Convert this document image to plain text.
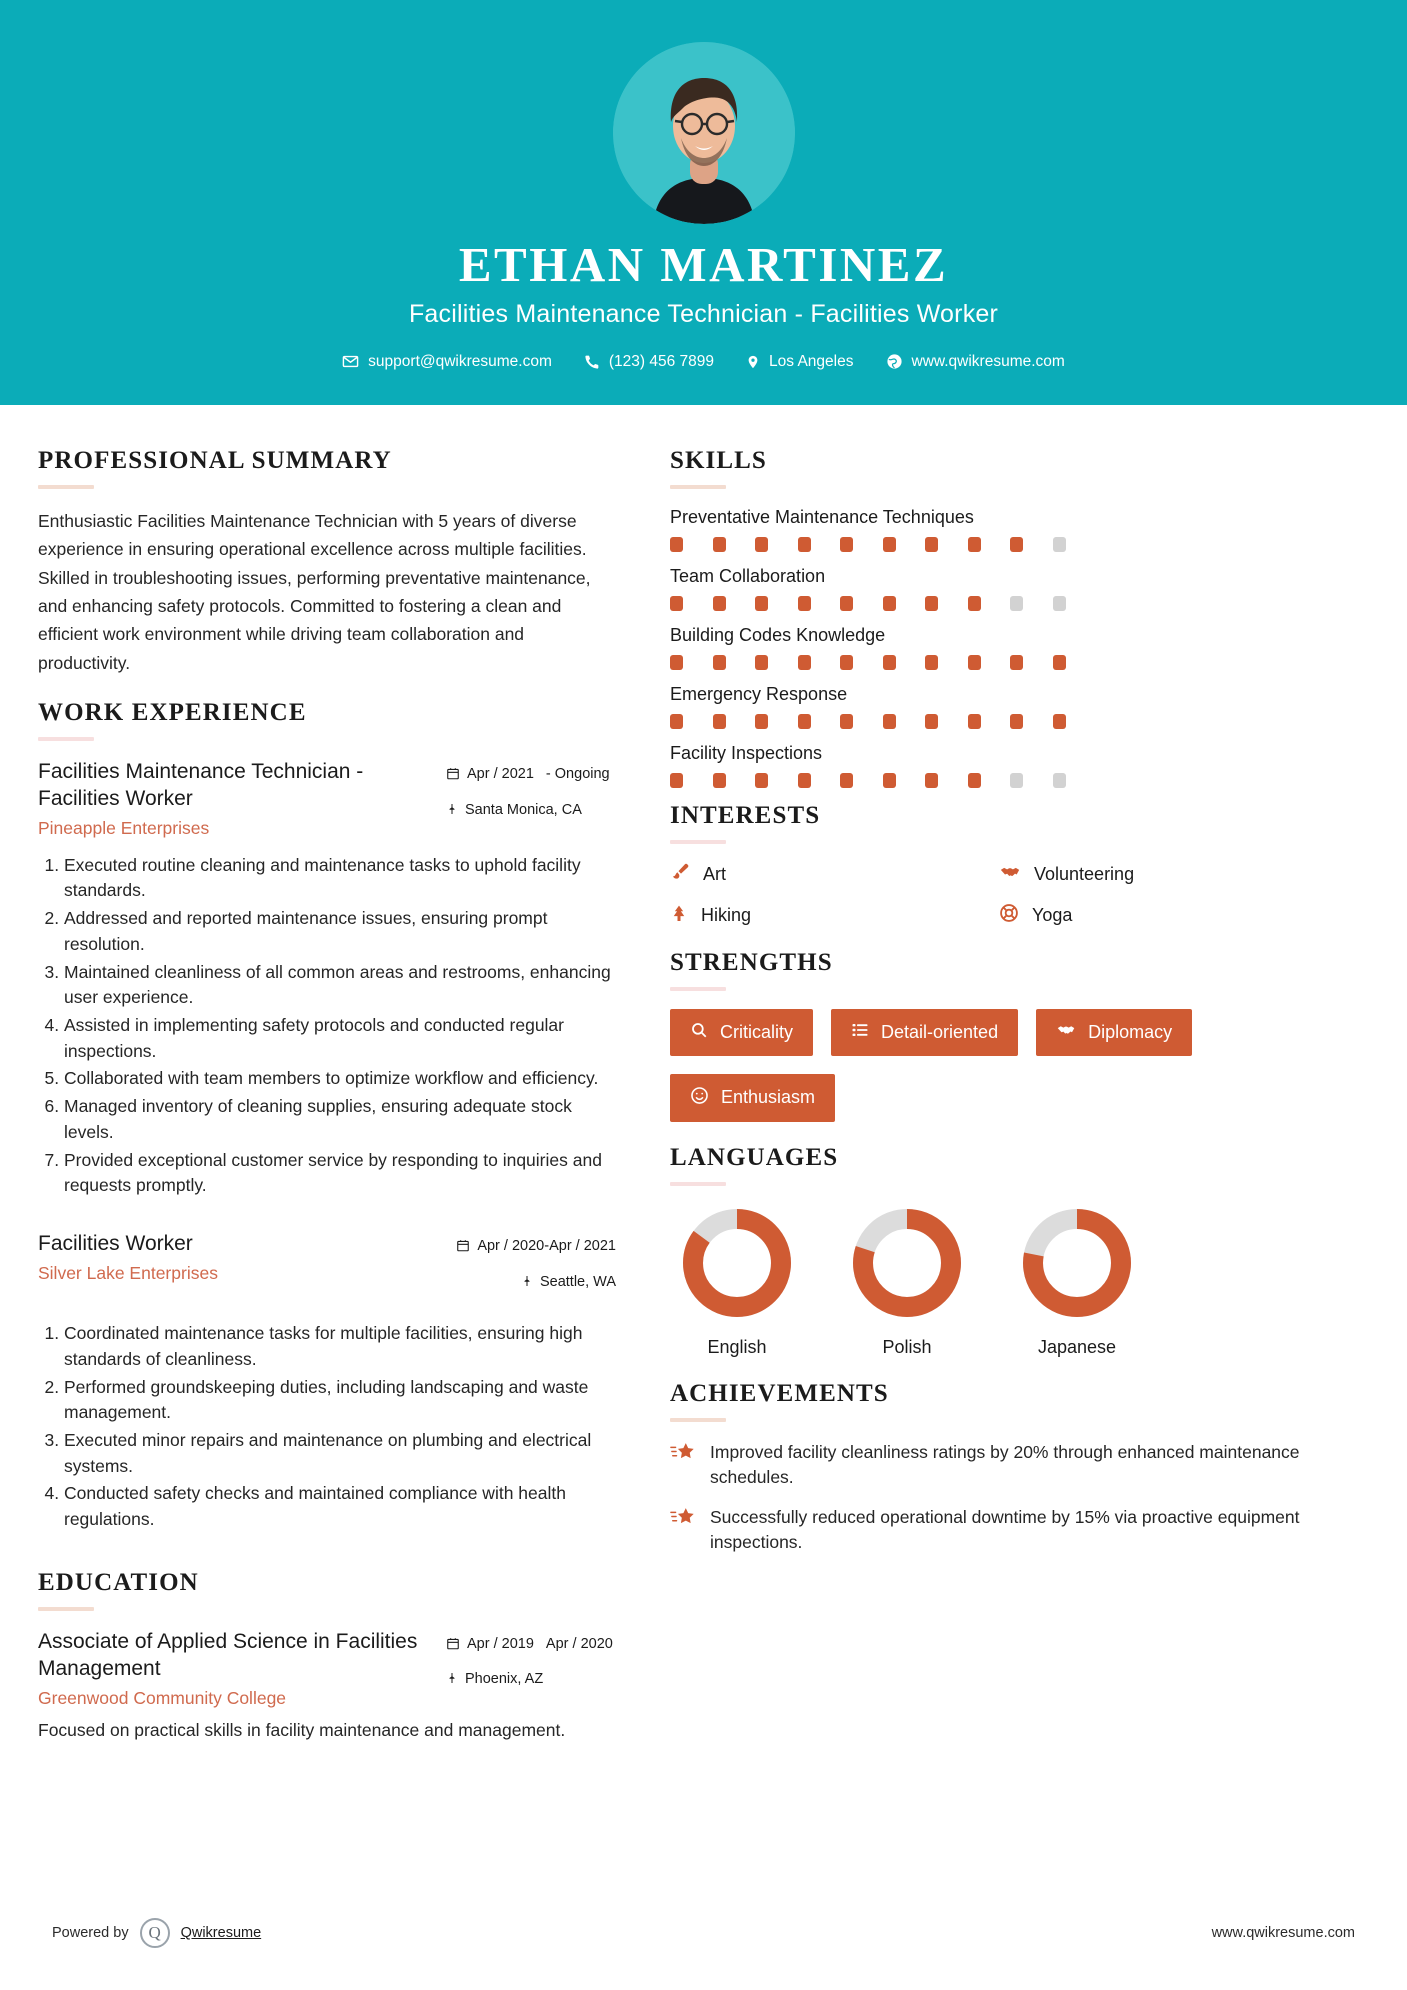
ETHAN MARTINEZ
Facilities Maintenance Technician - Facilities Worker
support@qwikresume.com	(123) 456 7899	Los Angeles	www.qwikresume.com
PROFESSIONAL SUMMARY
Enthusiastic Facilities Maintenance Technician with 5 years of diverse experience in ensuring operational excellence across multiple facilities. Skilled in troubleshooting issues, performing preventative maintenance, and enhancing safety protocols. Committed to fostering a clean and efficient work environment while driving team collaboration and productivity.
WORK EXPERIENCE
Facilities Maintenance Technician - Facilities Worker
Pineapple Enterprises
Apr / 2021	- Ongoing
Santa Monica, CA
1. Executed routine cleaning and maintenance tasks to uphold facility standards.
2. Addressed and reported maintenance issues, ensuring prompt resolution.
3. Maintained cleanliness of all common areas and restrooms, enhancing user experience.
4. Assisted in implementing safety protocols and conducted regular inspections.
5. Collaborated with team members to optimize workflow and efficiency.
6. Managed inventory of cleaning supplies, ensuring adequate stock levels.
7. Provided exceptional customer service by responding to inquiries and requests promptly.
Facilities Worker
Silver Lake Enterprises
Apr / 2020-Apr / 2021
Seattle, WA
1. Coordinated maintenance tasks for multiple facilities, ensuring high standards of cleanliness.
2. Performed groundskeeping duties, including landscaping and waste management.
3. Executed minor repairs and maintenance on plumbing and electrical systems.
4. Conducted safety checks and maintained compliance with health regulations.
EDUCATION
Associate of Applied Science in Facilities Management
Greenwood Community College
Apr / 2019 Apr / 2020
Phoenix, AZ
Focused on practical skills in facility maintenance and management.
SKILLS
Preventative Maintenance Techniques
Team Collaboration
Building Codes Knowledge
Emergency Response
Facility Inspections
INTERESTS
Art	Volunteering
Hiking	Yoga
STRENGTHS
Criticality	Detail-oriented	Diplomacy
Enthusiasm
LANGUAGES
English	Polish	Japanese
ACHIEVEMENTS
Improved facility cleanliness ratings by 20% through enhanced maintenance schedules.
Successfully reduced operational downtime by 15% via proactive equipment inspections.
Powered by	Q	Qwikresume	www.qwikresume.com
